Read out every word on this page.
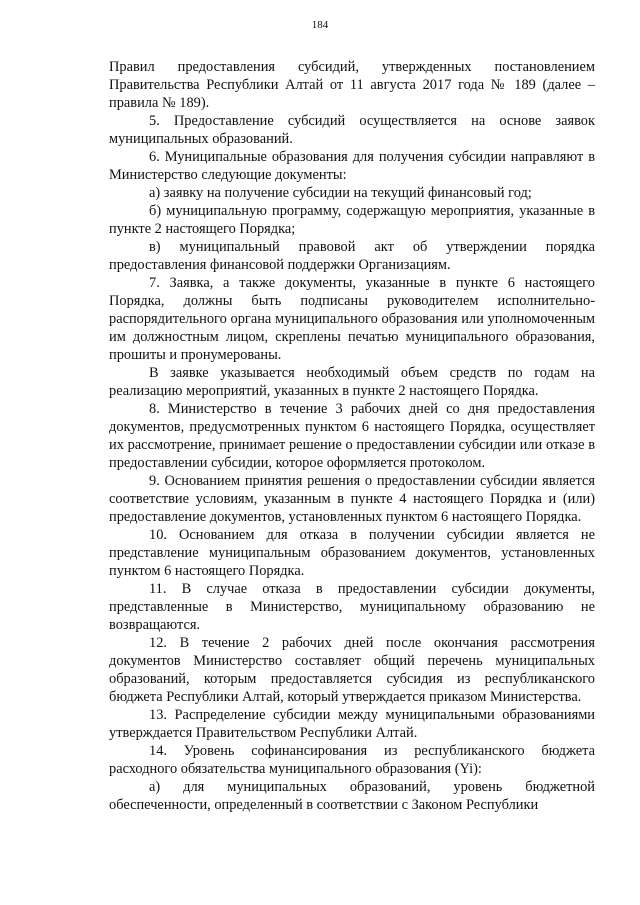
184

Правил предоставления субсидий, утвержденных постановлением Правительства Республики Алтай от 11 августа 2017 года № 189 (далее – правила № 189).

5. Предоставление субсидий осуществляется на основе заявок муниципальных образований.

6. Муниципальные образования для получения субсидии направляют в Министерство следующие документы:

а) заявку на получение субсидии на текущий финансовый год;

б) муниципальную программу, содержащую мероприятия, указанные в пункте 2 настоящего Порядка;

в) муниципальный правовой акт об утверждении порядка предоставления финансовой поддержки Организациям.

7. Заявка, а также документы, указанные в пункте 6 настоящего Порядка, должны быть подписаны руководителем исполнительно-распорядительного органа муниципального образования или уполномоченным им должностным лицом, скреплены печатью муниципального образования, прошиты и пронумерованы.

В заявке указывается необходимый объем средств по годам на реализацию мероприятий, указанных в пункте 2 настоящего Порядка.

8. Министерство в течение 3 рабочих дней со дня предоставления документов, предусмотренных пунктом 6 настоящего Порядка, осуществляет их рассмотрение, принимает решение о предоставлении субсидии или отказе в предоставлении субсидии, которое оформляется протоколом.

9. Основанием принятия решения о предоставлении субсидии является соответствие условиям, указанным в пункте 4 настоящего Порядка и (или) предоставление документов, установленных пунктом 6 настоящего Порядка.

10. Основанием для отказа в получении субсидии является не представление муниципальным образованием документов, установленных пунктом 6 настоящего Порядка.

11. В случае отказа в предоставлении субсидии документы, представленные в Министерство, муниципальному образованию не возвращаются.

12. В течение 2 рабочих дней после окончания рассмотрения документов Министерство составляет общий перечень муниципальных образований, которым предоставляется субсидия из республиканского бюджета Республики Алтай, который утверждается приказом Министерства.

13. Распределение субсидии между муниципальными образованиями утверждается Правительством Республики Алтай.

14. Уровень софинансирования из республиканского бюджета расходного обязательства муниципального образования (Yi):

а) для муниципальных образований, уровень бюджетной обеспеченности, определенный в соответствии с Законом Республики
